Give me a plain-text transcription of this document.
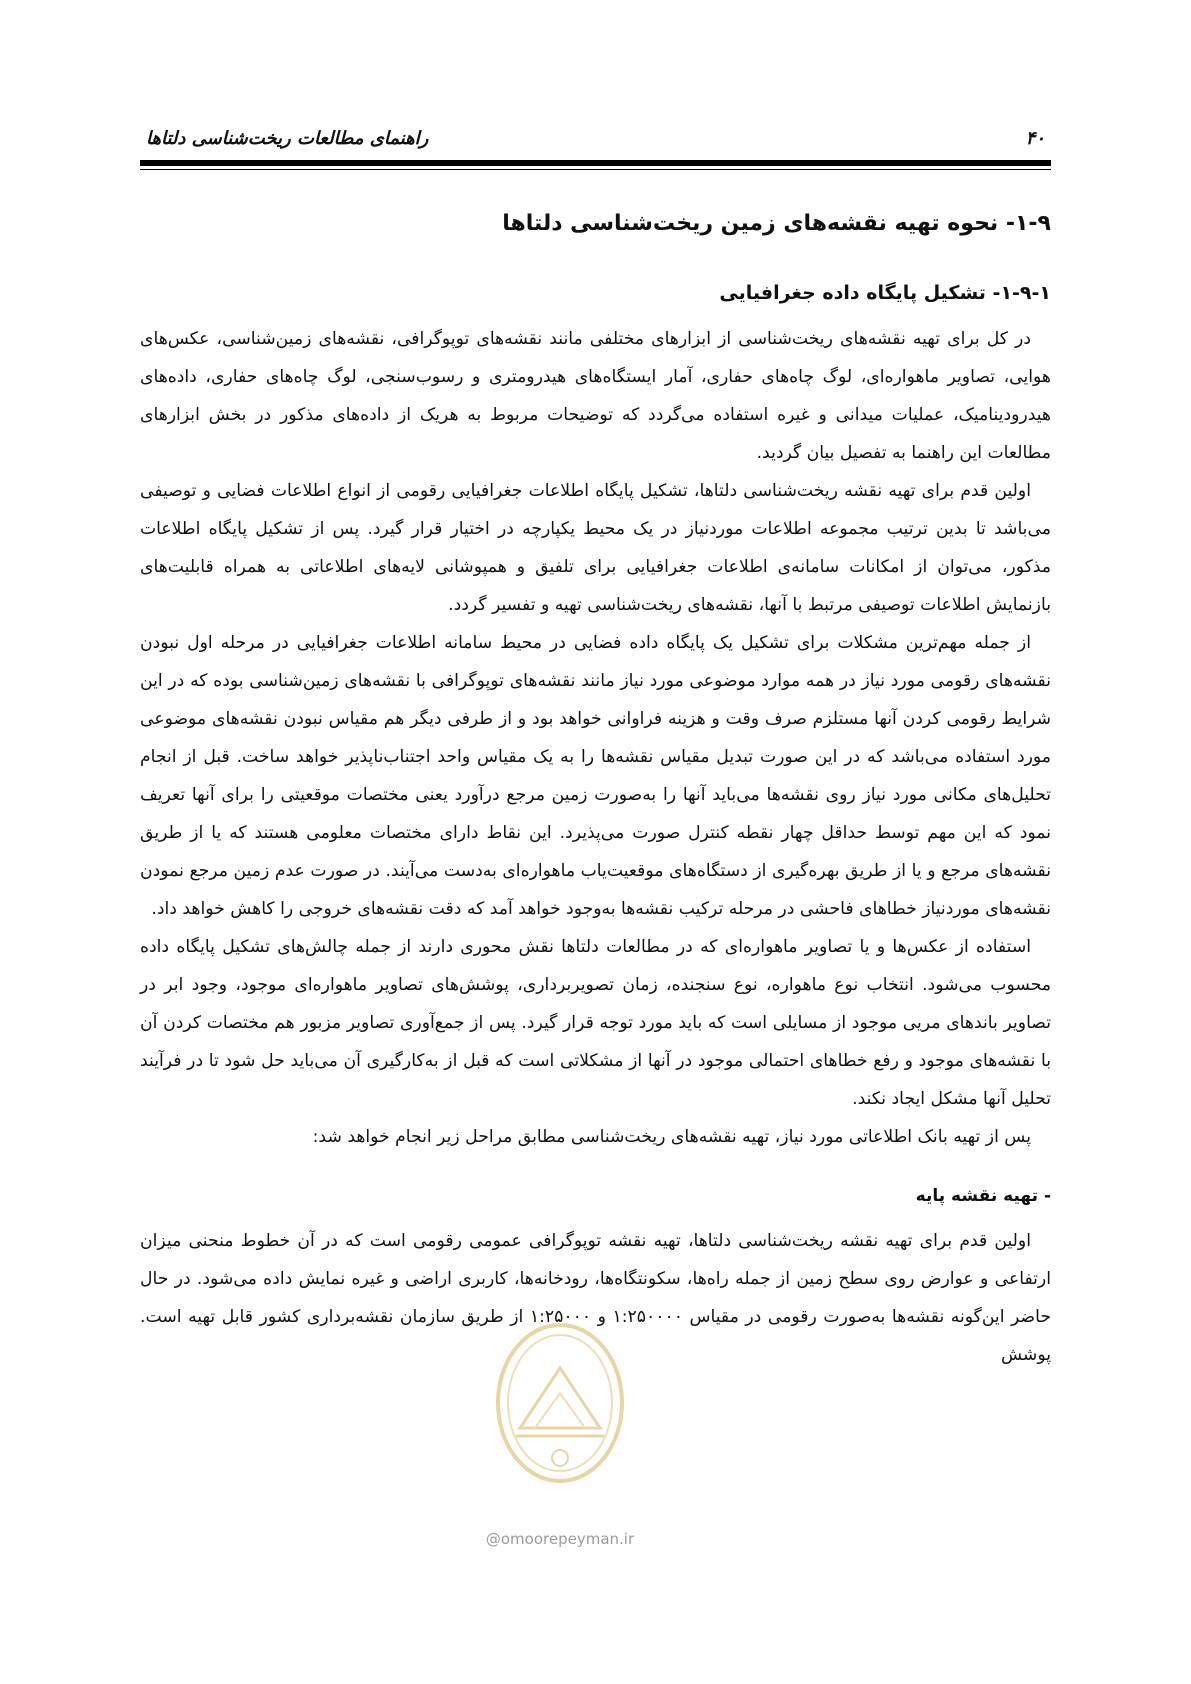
۴۰
راهنمای مطالعات ریخت‌شناسی دلتاها
۱-۹- نحوه تهیه نقشه‌های زمین ریخت‌شناسی دلتاها
۱-۹-۱- تشکیل پایگاه داده جغرافیایی

در کل برای تهیه نقشه‌های ریخت‌شناسی از ابزارهای مختلفی مانند نقشه‌های توپوگرافی، نقشه‌های زمین‌شناسی، عکس‌های هوایی، تصاویر ماهواره‌ای، لوگ چاه‌های حفاری، آمار ایستگاه‌های هیدرومتری و رسوب‌سنجی، لوگ چاه‌های حفاری، داده‌های هیدرودینامیک، عملیات میدانی و غیره استفاده می‌گردد که توضیحات مربوط به هریک از داده‌های مذکور در بخش ابزارهای مطالعات این راهنما به تفصیل بیان گردید.

اولین قدم برای تهیه نقشه ریخت‌شناسی دلتاها، تشکیل پایگاه اطلاعات جغرافیایی رقومی از انواع اطلاعات فضایی و توصیفی می‌باشد تا بدین ترتیب مجموعه اطلاعات موردنیاز در یک محیط یکپارچه در اختیار قرار گیرد. پس از تشکیل پایگاه اطلاعات مذکور، می‌توان از امکانات سامانه‌ی اطلاعات جغرافیایی برای تلفیق و همپوشانی لایه‌های اطلاعاتی به همراه قابلیت‌های بازنمایش اطلاعات توصیفی مرتبط با آنها، نقشه‌های ریخت‌شناسی تهیه و تفسیر گردد.

از جمله مهم‌ترین مشکلات برای تشکیل یک پایگاه داده فضایی در محیط سامانه اطلاعات جغرافیایی در مرحله اول نبودن نقشه‌های رقومی مورد نیاز در همه موارد موضوعی مورد نیاز مانند نقشه‌های توپوگرافی با نقشه‌های زمین‌شناسی بوده که در این شرایط رقومی کردن آنها مستلزم صرف وقت و هزینه فراوانی خواهد بود و از طرفی دیگر هم مقیاس نبودن نقشه‌های موضوعی مورد استفاده می‌باشد که در این صورت تبدیل مقیاس نقشه‌ها را به یک مقیاس واحد اجتناب‌ناپذیر خواهد ساخت. قبل از انجام تحلیل‌های مکانی مورد نیاز روی نقشه‌ها می‌باید آنها را به‌صورت زمین مرجع درآورد یعنی مختصات موقعیتی را برای آنها تعریف نمود که این مهم توسط حداقل چهار نقطه کنترل صورت می‌پذیرد. این نقاط دارای مختصات معلومی هستند که یا از طریق نقشه‌های مرجع و یا از طریق بهره‌گیری از دستگاه‌های موقعیت‌یاب ماهواره‌ای به‌دست می‌آیند. در صورت عدم زمین مرجع نمودن نقشه‌های موردنیاز خطاهای فاحشی در مرحله ترکیب نقشه‌ها به‌وجود خواهد آمد که دقت نقشه‌های خروجی را کاهش خواهد داد.

استفاده از عکس‌ها و یا تصاویر ماهواره‌ای که در مطالعات دلتاها نقش محوری دارند از جمله چالش‌های تشکیل پایگاه داده محسوب می‌شود. انتخاب نوع ماهواره، نوع سنجنده، زمان تصویربرداری، پوشش‌های تصاویر ماهواره‌ای موجود، وجود ابر در تصاویر باندهای مریی موجود از مسایلی است که باید مورد توجه قرار گیرد. پس از جمع‌آوری تصاویر مزبور هم مختصات کردن آن با نقشه‌های موجود و رفع خطاهای احتمالی موجود در آنها از مشکلاتی است که قبل از به‌کارگیری آن می‌باید حل شود تا در فرآیند تحلیل آنها مشکل ایجاد نکند.

پس از تهیه بانک اطلاعاتی مورد نیاز، تهیه نقشه‌های ریخت‌شناسی مطابق مراحل زیر انجام خواهد شد:

- تهیه نقشه پایه

اولین قدم برای تهیه نقشه ریخت‌شناسی دلتاها، تهیه نقشه توپوگرافی عمومی رقومی است که در آن خطوط منحنی میزان ارتفاعی و عوارض روی سطح زمین از جمله راه‌ها، سکونتگاه‌ها، رودخانه‌ها، کاربری اراضی و غیره نمایش داده می‌شود. در حال حاضر این‌گونه نقشه‌ها به‌صورت رقومی در مقیاس ۱:۲۵۰۰۰۰ و ۱:۲۵۰۰۰ از طریق سازمان نقشه‌برداری کشور قابل تهیه است. پوشش

@omoorepeyman.ir
